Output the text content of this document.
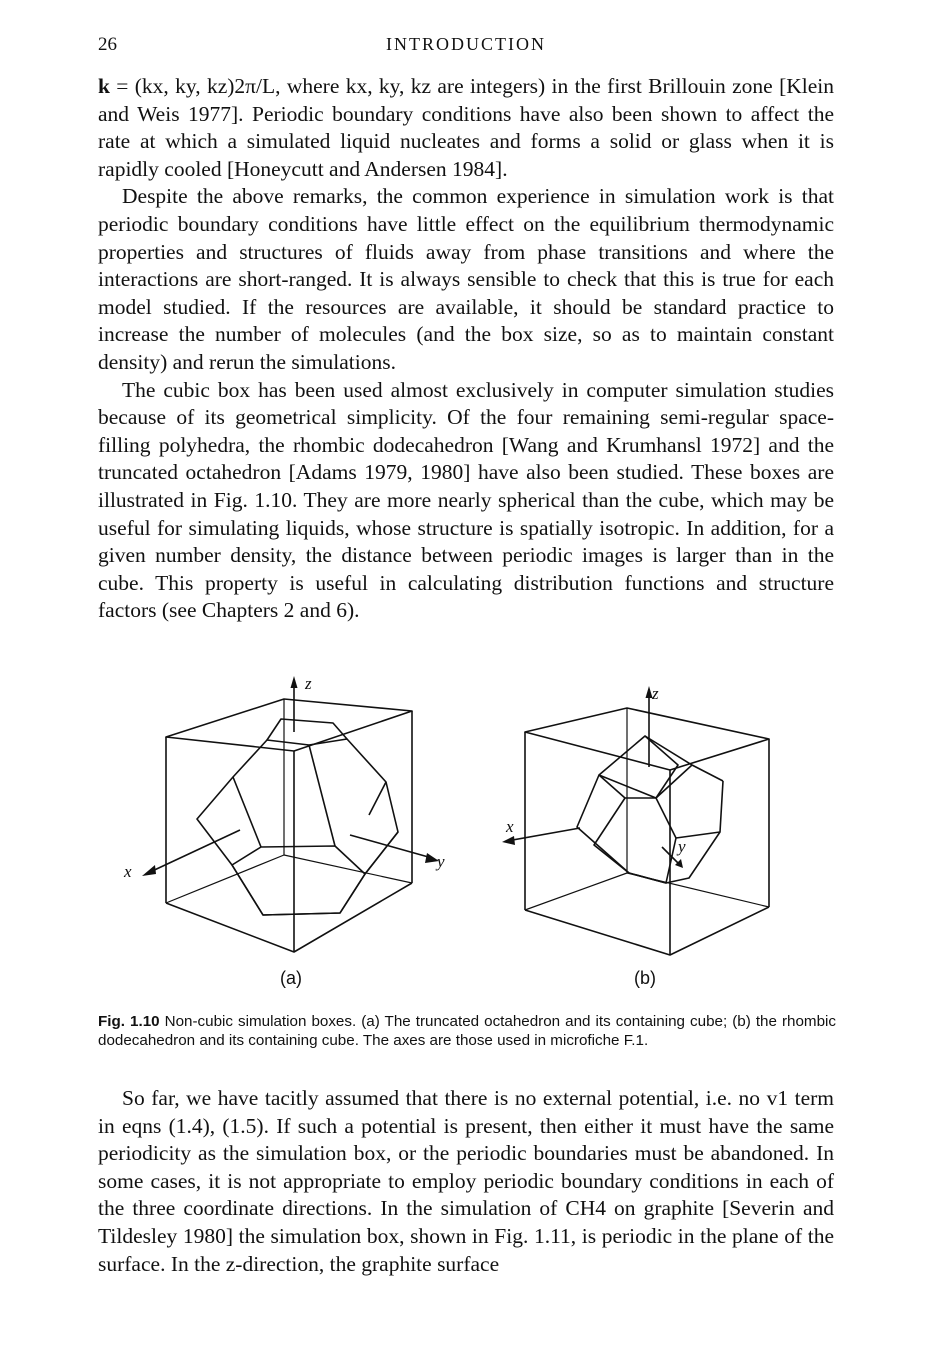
26	INTRODUCTION

k = (kx, ky, kz)2π/L, where kx, ky, kz are integers) in the first Brillouin zone [Klein and Weis 1977]. Periodic boundary conditions have also been shown to affect the rate at which a simulated liquid nucleates and forms a solid or glass when it is rapidly cooled [Honeycutt and Andersen 1984].

Despite the above remarks, the common experience in simulation work is that periodic boundary conditions have little effect on the equilibrium thermodynamic properties and structures of fluids away from phase transitions and where the interactions are short-ranged. It is always sensible to check that this is true for each model studied. If the resources are available, it should be standard practice to increase the number of molecules (and the box size, so as to maintain constant density) and rerun the simulations.

The cubic box has been used almost exclusively in computer simulation studies because of its geometrical simplicity. Of the four remaining semi-regular space-filling polyhedra, the rhombic dodecahedron [Wang and Krumhansl 1972] and the truncated octahedron [Adams 1979, 1980] have also been studied. These boxes are illustrated in Fig. 1.10. They are more nearly spherical than the cube, which may be useful for simulating liquids, whose structure is spatially isotropic. In addition, for a given number density, the distance between periodic images is larger than in the cube. This property is useful in calculating distribution functions and structure factors (see Chapters 2 and 6).

z
x
y
(a)
z
x
y
(b)
Fig. 1.10 Non-cubic simulation boxes. (a) The truncated octahedron and its containing cube; (b) the rhombic dodecahedron and its containing cube. The axes are those used in microfiche F.1.

So far, we have tacitly assumed that there is no external potential, i.e. no v1 term in eqns (1.4), (1.5). If such a potential is present, then either it must have the same periodicity as the simulation box, or the periodic boundaries must be abandoned. In some cases, it is not appropriate to employ periodic boundary conditions in each of the three coordinate directions. In the simulation of CH4 on graphite [Severin and Tildesley 1980] the simulation box, shown in Fig. 1.11, is periodic in the plane of the surface. In the z-direction, the graphite surface
